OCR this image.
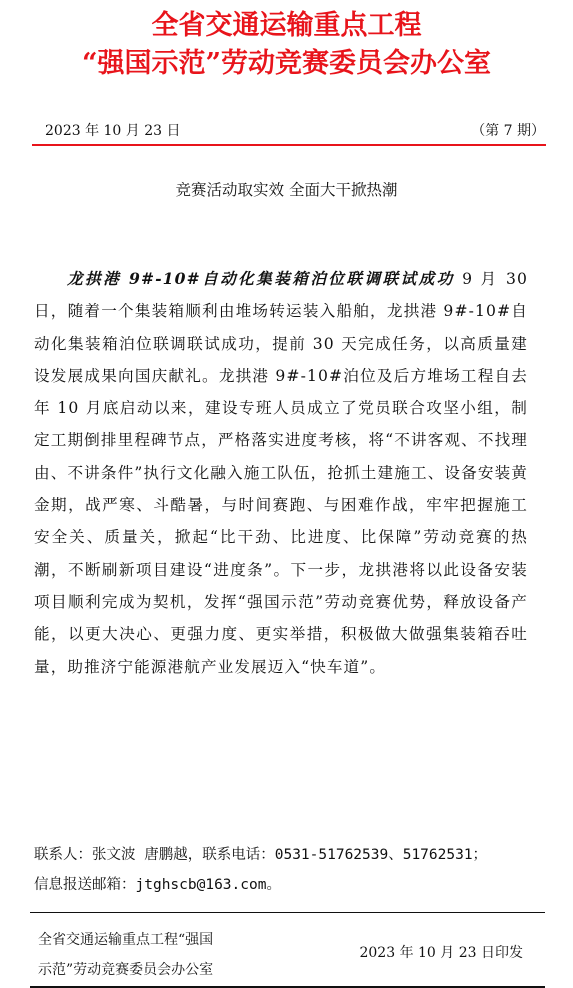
全省交通运输重点工程
“强国示范”劳动竞赛委员会办公室
2023 年 10 月 23 日	（第 7 期）
竞赛活动取实效 全面大干掀热潮
龙拱港 9#-10#自动化集装箱泊位联调联试成功 9 月 30 日，随着一个集装箱顺利由堆场转运装入船舶，龙拱港 9#-10#自动化集装箱泊位联调联试成功，提前 30 天完成任务，以高质量建设发展成果向国庆献礼。龙拱港 9#-10#泊位及后方堆场工程自去年 10 月底启动以来，建设专班人员成立了党员联合攻坚小组，制定工期倒排里程碑节点，严格落实进度考核，将“不讲客观、不找理由、不讲条件”执行文化融入施工队伍，抢抓土建施工、设备安装黄金期，战严寒、斗酷暑，与时间赛跑、与困难作战，牢牢把握施工安全关、质量关，掀起“比干劲、比进度、比保障”劳动竞赛的热潮，不断刷新项目建设“进度条”。下一步，龙拱港将以此设备安装项目顺利完成为契机，发挥“强国示范”劳动竞赛优势，释放设备产能，以更大决心、更强力度、更实举措，积极做大做强集装箱吞吐量，助推济宁能源港航产业发展迈入“快车道”。
联系人：张文波 唐鹏越，联系电话：0531-51762539、51762531；
信息报送邮箱：jtghscb@163.com。
全省交通运输重点工程“强国
示范”劳动竞赛委员会办公室
2023 年 10 月 23 日印发
